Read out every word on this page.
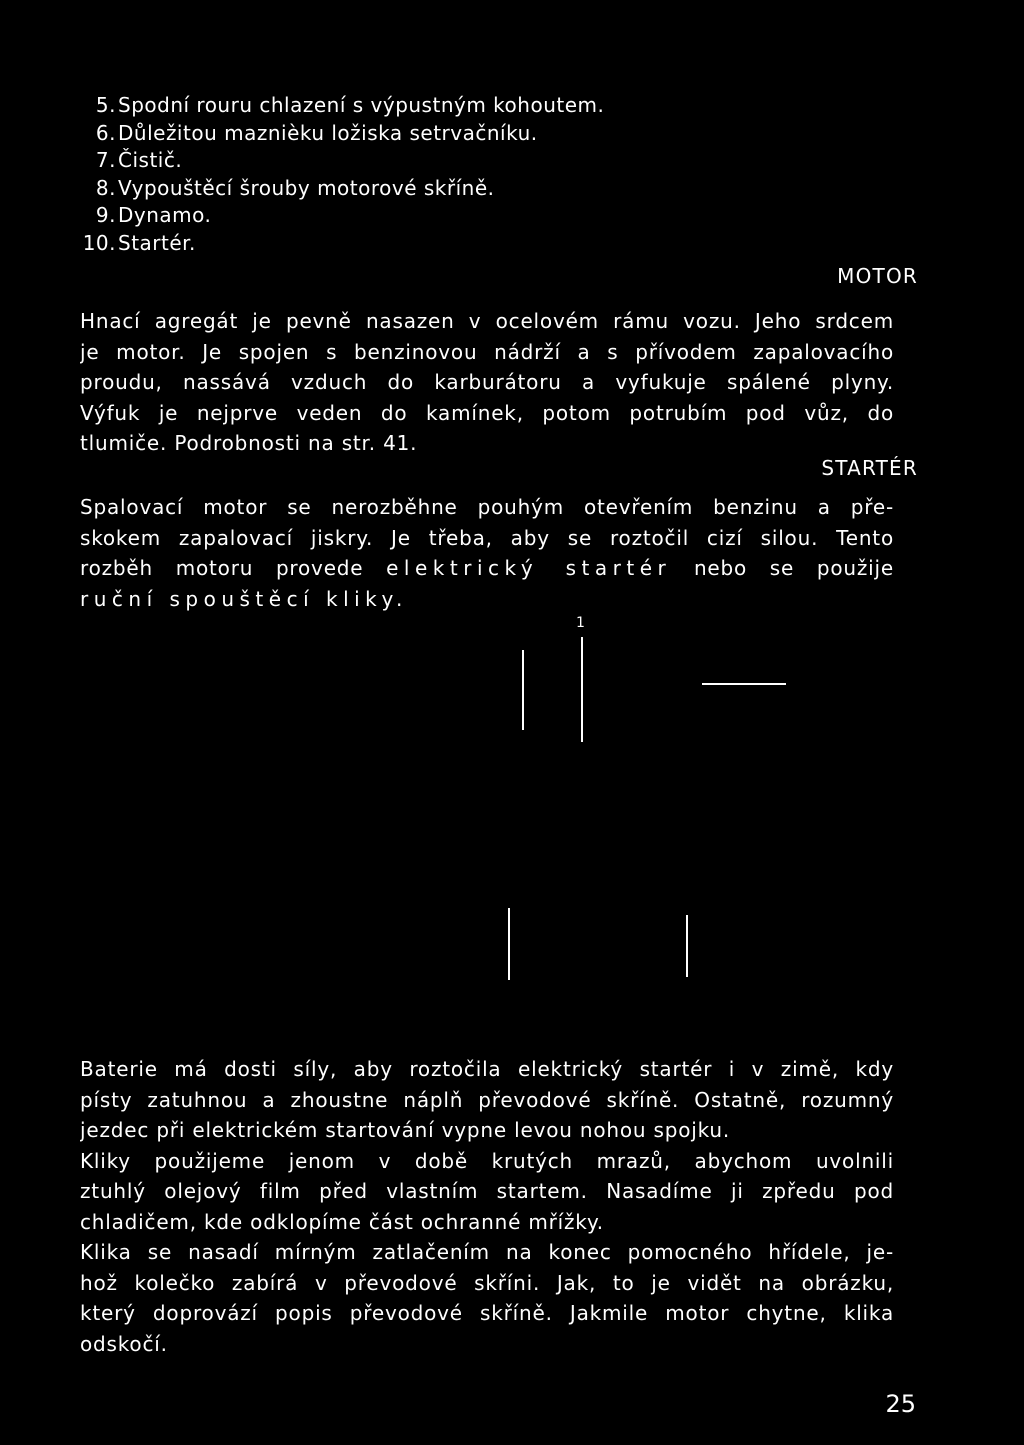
5. Spodní rouru chlazení s výpustným kohoutem.
6. Důležitou maznièku ložiska setrvačníku.
7. Čistič.
8. Vypouštěcí šrouby motorové skříně.
9. Dynamo.
10. Startér.
MOTOR
Hnací agregát je pevně nasazen v ocelovém rámu vozu. Jeho srdcem
je motor. Je spojen s benzinovou nádrží a s přívodem zapalovacího
proudu, nassává vzduch do karburátoru a vyfukuje spálené plyny.
Výfuk je nejprve veden do kamínek, potom potrubím pod vůz, do
tlumiče. Podrobnosti na str. 41.
STARTÉR
Spalovací motor se nerozběhne pouhým otevřením benzinu a pře-
skokem zapalovací jiskry. Je třeba, aby se roztočil cizí silou. Tento
rozběh motoru provede elektrický startér nebo se použije
ruční spouštěcí kliky.
1
Baterie má dosti síly, aby roztočila elektrický startér i v zimě, kdy
písty zatuhnou a zhoustne náplň převodové skříně. Ostatně, rozumný
jezdec při elektrickém startování vypne levou nohou spojku.
Kliky použijeme jenom v době krutých mrazů, abychom uvolnili
ztuhlý olejový film před vlastním startem. Nasadíme ji zpředu pod
chladičem, kde odklopíme část ochranné mřížky.
Klika se nasadí mírným zatlačením na konec pomocného hřídele, je-
hož kolečko zabírá v převodové skříni. Jak, to je vidět na obrázku,
který doprovází popis převodové skříně. Jakmile motor chytne, klika
odskočí.
25
